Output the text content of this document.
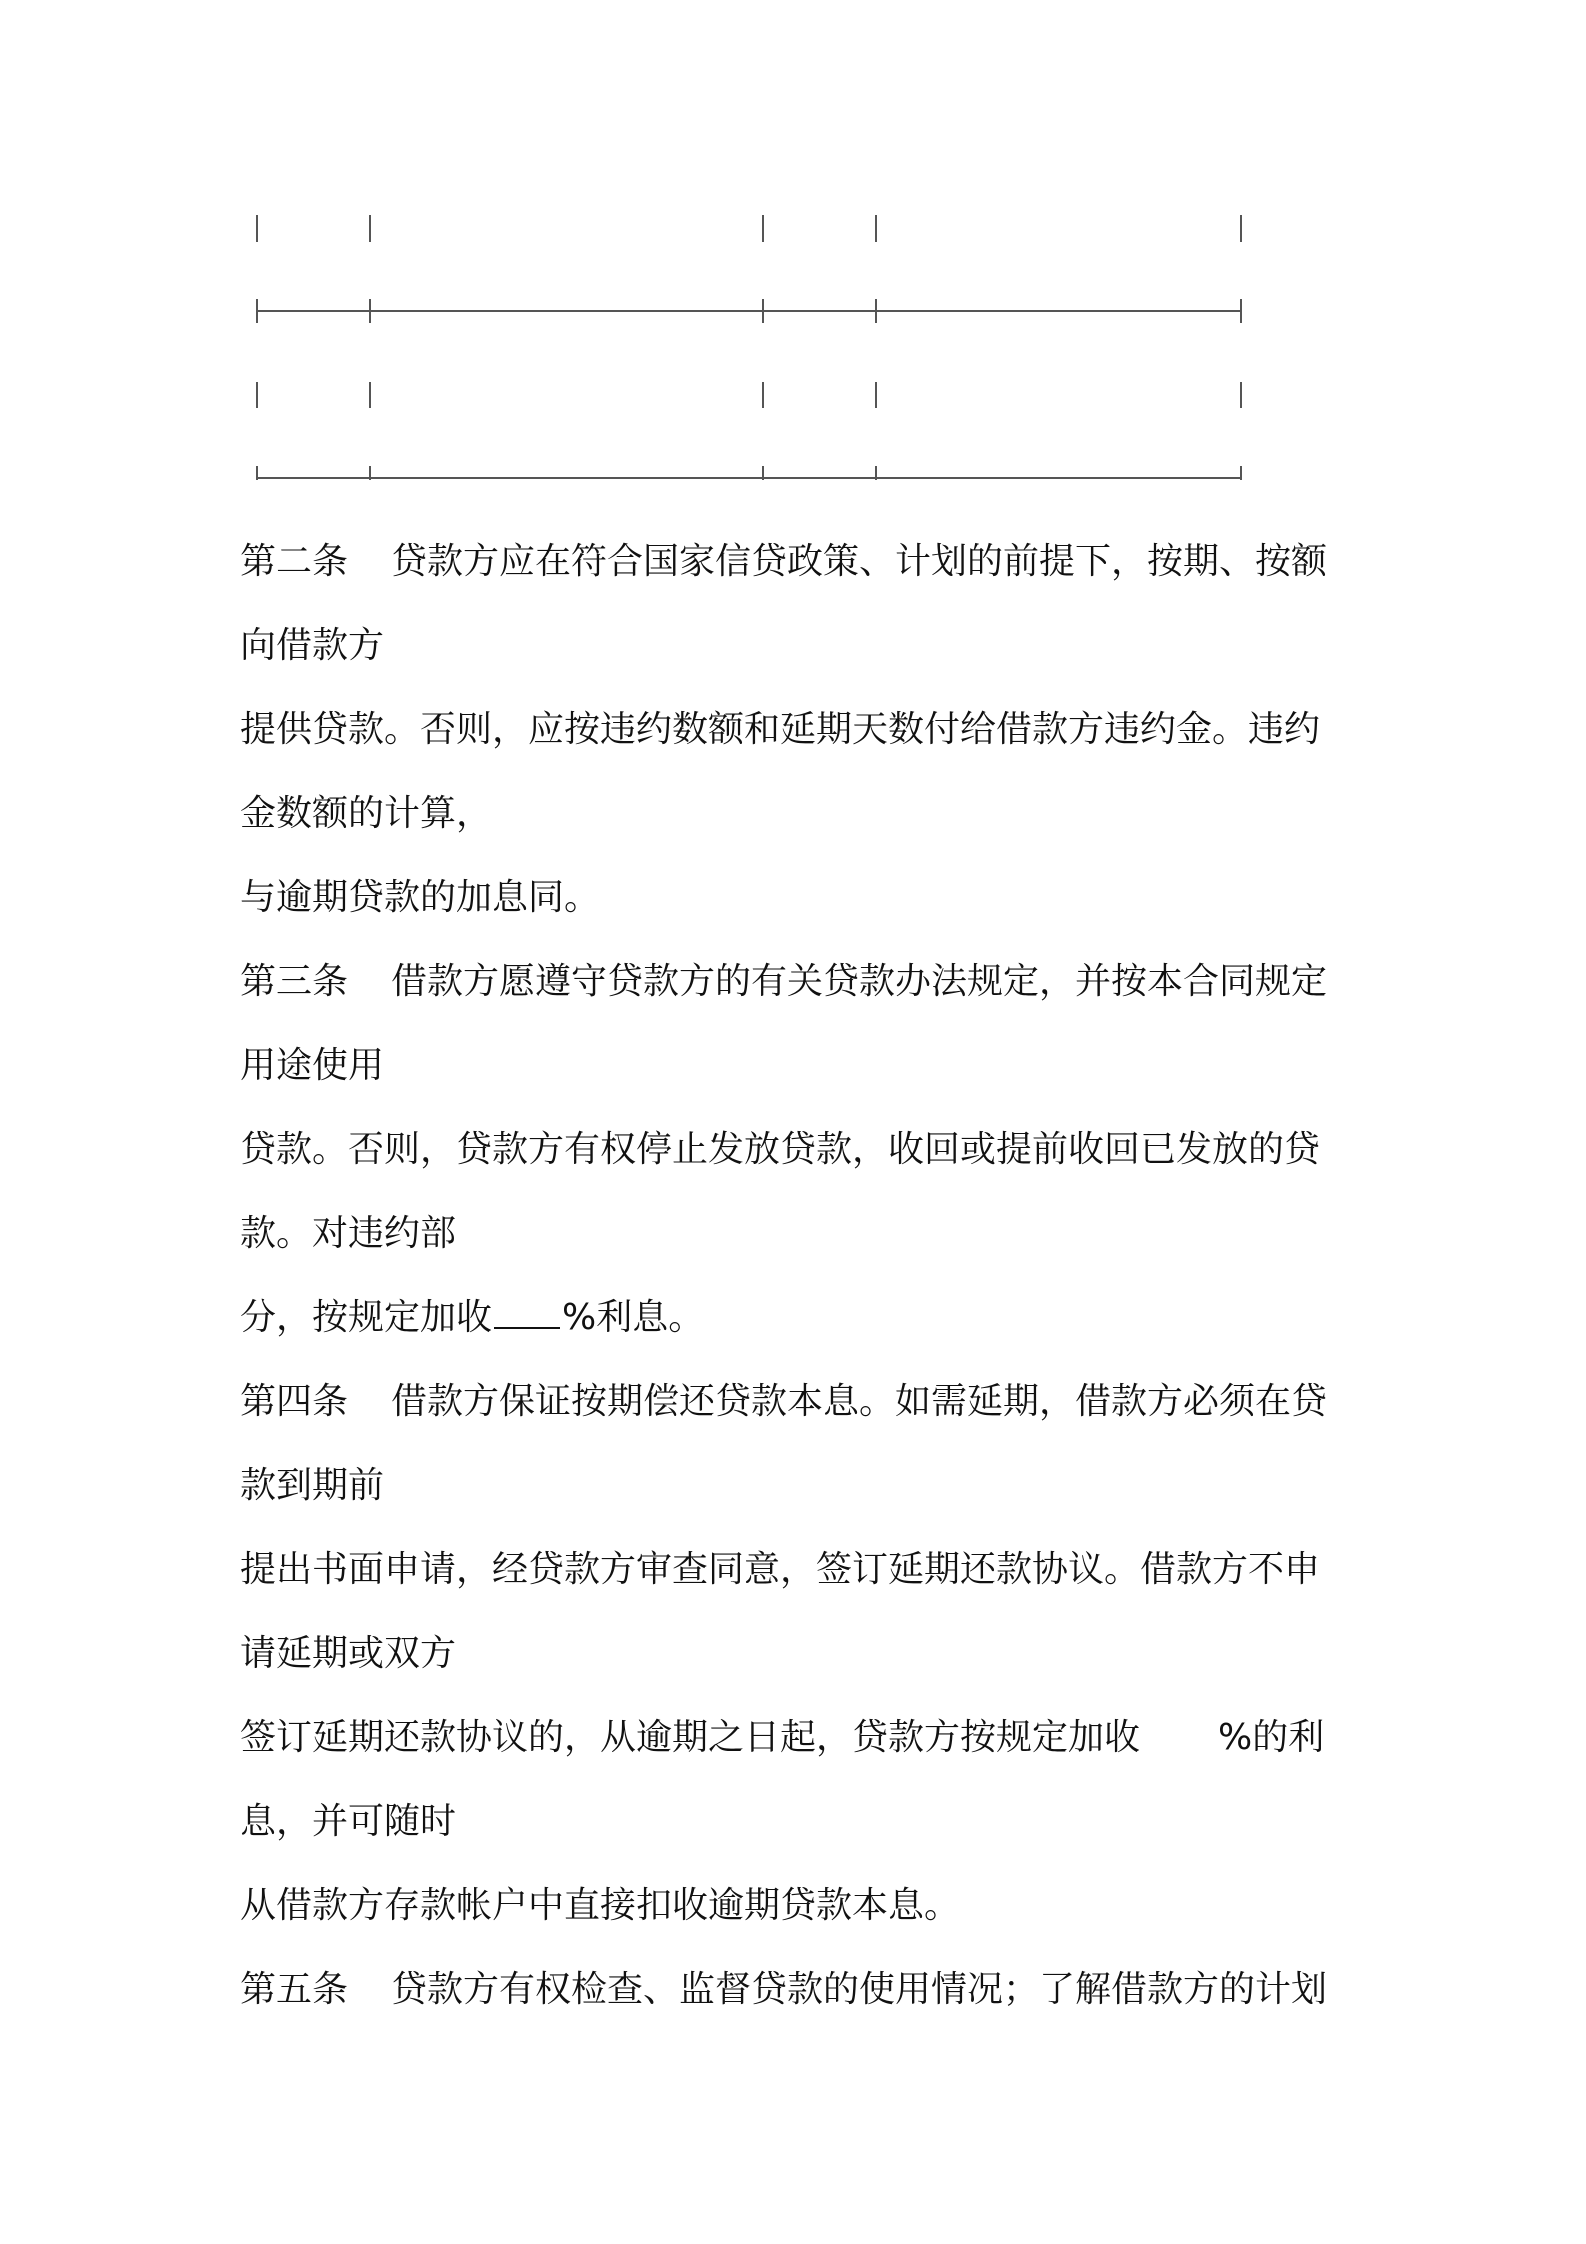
第二条 贷款方应在符合国家信贷政策、计划的前提下，按期、按额
向借款方
提供贷款。否则，应按违约数额和延期天数付给借款方违约金。违约
金数额的计算，
与逾期贷款的加息同。
第三条 借款方愿遵守贷款方的有关贷款办法规定，并按本合同规定
用途使用
贷款。否则，贷款方有权停止发放贷款，收回或提前收回已发放的贷
款。对违约部
分，按规定加收 %利息。
第四条 借款方保证按期偿还贷款本息。如需延期，借款方必须在贷
款到期前
提出书面申请，经贷款方审查同意，签订延期还款协议。借款方不申
请延期或双方
签订延期还款协议的，从逾期之日起，贷款方按规定加收 %的利
息，并可随时
从借款方存款帐户中直接扣收逾期贷款本息。
第五条 贷款方有权检查、监督贷款的使用情况；了解借款方的计划
